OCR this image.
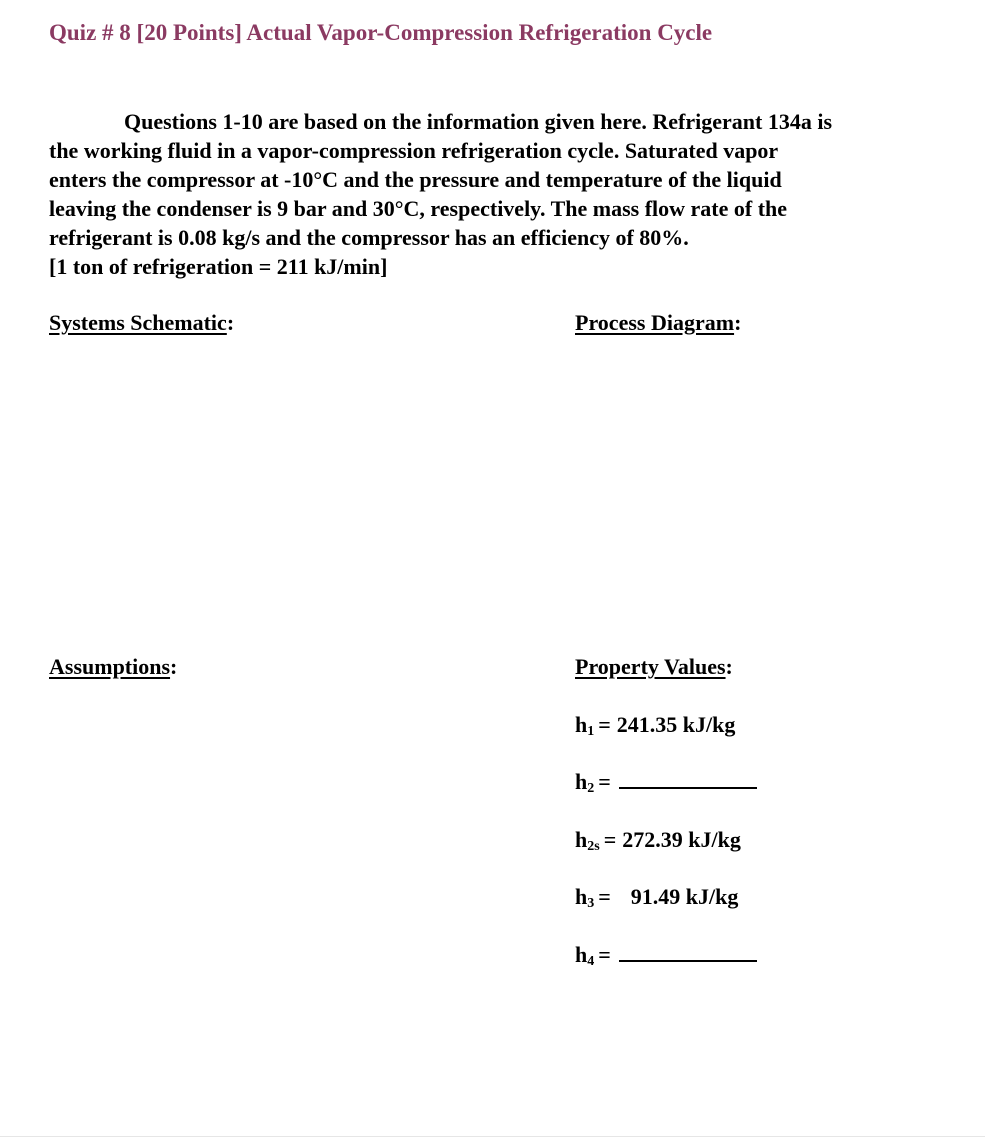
Quiz # 8 [20 Points] Actual Vapor-Compression Refrigeration Cycle

Questions 1-10 are based on the information given here. Refrigerant 134a is
the working fluid in a vapor-compression refrigeration cycle. Saturated vapor
enters the compressor at -10°C and the pressure and temperature of the liquid
leaving the condenser is 9 bar and 30°C, respectively. The mass flow rate of the
refrigerant is 0.08 kg/s and the compressor has an efficiency of 80%.
[1 ton of refrigeration = 211 kJ/min]

Systems Schematic:	Process Diagram:
Assumptions:	Property Values:
$h_1 = 241.35$ kJ/kg
$h_2$ =
$h_{2s} = 272.39$ kJ/kg
$h_3 = 91.49$ kJ/kg
$h_4$ =
